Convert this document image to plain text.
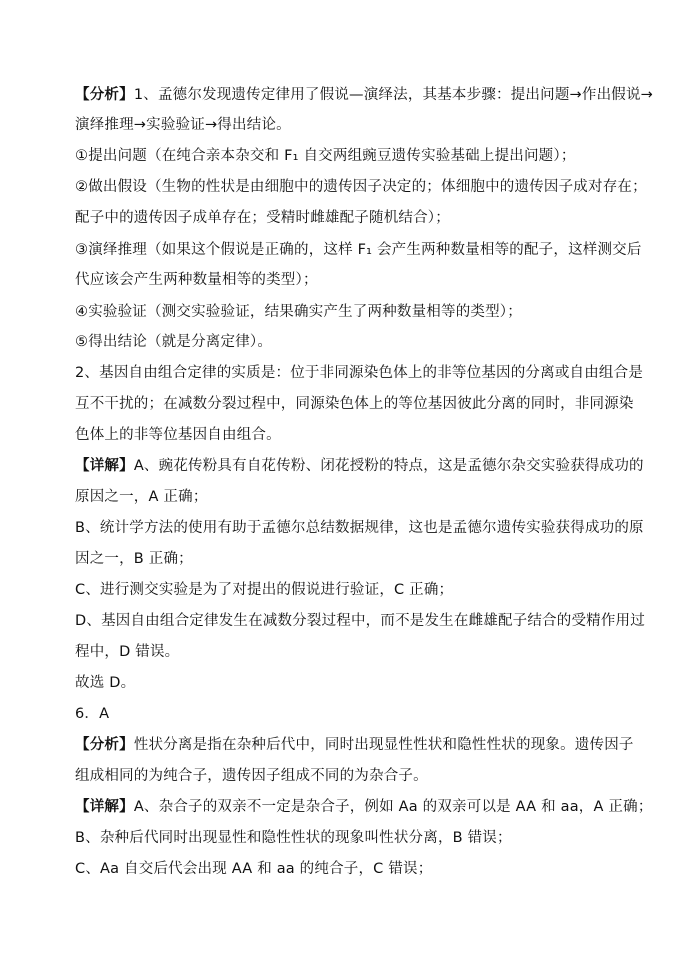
【分析】1、孟德尔发现遗传定律用了假说—演绎法，其基本步骤：提出问题→作出假说→
演绎推理→实验验证→得出结论。
①提出问题（在纯合亲本杂交和 F₁ 自交两组豌豆遗传实验基础上提出问题）；
②做出假设（生物的性状是由细胞中的遗传因子决定的；体细胞中的遗传因子成对存在；
配子中的遗传因子成单存在；受精时雌雄配子随机结合）；
③演绎推理（如果这个假说是正确的，这样 F₁ 会产生两种数量相等的配子，这样测交后
代应该会产生两种数量相等的类型）；
④实验验证（测交实验验证，结果确实产生了两种数量相等的类型）；
⑤得出结论（就是分离定律）。
2、基因自由组合定律的实质是：位于非同源染色体上的非等位基因的分离或自由组合是
互不干扰的；在减数分裂过程中，同源染色体上的等位基因彼此分离的同时，非同源染
色体上的非等位基因自由组合。
【详解】A、豌花传粉具有自花传粉、闭花授粉的特点，这是孟德尔杂交实验获得成功的
原因之一，A 正确；
B、统计学方法的使用有助于孟德尔总结数据规律，这也是孟德尔遗传实验获得成功的原
因之一，B 正确；
C、进行测交实验是为了对提出的假说进行验证，C 正确；
D、基因自由组合定律发生在减数分裂过程中，而不是发生在雌雄配子结合的受精作用过
程中，D 错误。
故选 D。
6．A
【分析】性状分离是指在杂种后代中，同时出现显性性状和隐性性状的现象。遗传因子
组成相同的为纯合子，遗传因子组成不同的为杂合子。
【详解】A、杂合子的双亲不一定是杂合子，例如 Aa 的双亲可以是 AA 和 aa，A 正确；
B、杂种后代同时出现显性和隐性性状的现象叫性状分离，B 错误；
C、Aa 自交后代会出现 AA 和 aa 的纯合子，C 错误；
